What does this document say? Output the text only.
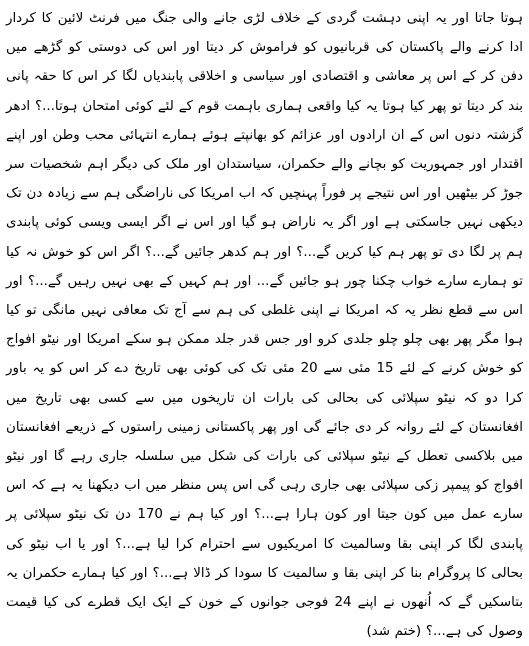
ہوتا جاتا اور یہ اپنی دہشت گردی کے خلاف لڑی جانے والی جنگ میں فرنٹ لائین کا کردار ادا کرنے والے پاکستان کی قربانیوں کو فراموش کر دیتا اور اس کی دوستی کو گڑھے میں دفن کر کے اس پر معاشی و اقتصادی اور سیاسی و اخلاقی پابندیاں لگا کر اس کا حقہ پانی بند کر دیتا تو پھر کیا ہوتا یہ کیا واقعی ہماری باہمت قوم کے لئے کوئی امتحان ہوتا...؟ ادھر گزشتہ دنوں اس کے ان ارادوں اور عزائم کو بھانپتے ہوئے ہمارے انتہائی محب وطن اور اپنے اقتدار اور جمہوریت کو بچانے والے حکمران، سیاستدان اور ملک کی دیگر اہم شخصیات سر جوڑ کر بیٹھیں اور اس نتیجے پر فوراً پہنچیں کہ اب امریکا کی ناراضگی ہم سے زیادہ دن تک دیکھی نہیں جاسکتی ہے اور اگر یہ ناراض ہو گیا اور اس نے اگر ایسی ویسی کوئی پابندی ہم پر لگا دی تو پھر ہم کیا کریں گے...؟ اور ہم کدھر جائیں گے...؟ اگر اس کو خوش نہ کیا تو ہمارے سارے خواب چکنا چور ہو جائیں گے... اور ہم کہیں کے بھی نہیں رہیں گے...؟ اور اس سے قطع نظر یہ کہ امریکا نے اپنی غلطی کی ہم سے آج تک معافی نہیں مانگی تو کیا ہوا مگر پھر بھی چلو چلو جلدی کرو اور جس قدر جلد ممکن ہو سکے امریکا اور نیٹو افواج کو خوش کرنے کے لئے 15 مئی سے 20 مئی تک کی کوئی بھی تاریخ دے کر اس کو یہ باور کرا دو کہ نیٹو سپلائی کی بحالی کی بارات ان تاریخوں میں سے کسی بھی تاریخ میں افغانستان کے لئے روانہ کر دی جائے گی اور پھر پاکستانی زمینی راستوں کے ذریعے افغانستان میں بلاکسی تعطل کے نیٹو سپلائی کی بارات کی شکل میں سلسلہ جاری رہے گا اور نیٹو افواج کو پیمپر زکی سپلائی بھی جاری رہی گی اس پس منظر میں اب دیکھنا یہ ہے کہ اس سارے عمل میں کون جیتا اور کون ہارا ہے...؟ اور کیا ہم نے 170 دن تک نیٹو سپلائی پر پابندی لگا کر اپنی بقا وسالمیت کا امریکیوں سے احترام کرا لیا ہے...؟ اور یا اب نیٹو کی بحالی کا پروگرام بنا کر اپنی بقا و سالمیت کا سودا کر ڈالا ہے...؟ اور کیا ہمارے حکمران یہ بتاسکیں گے کہ اُنھوں نے اپنے 24 فوجی جوانوں کے خون کے ایک ایک قطرے کی کیا قیمت وصول کی ہے...؟ (ختم شد)
